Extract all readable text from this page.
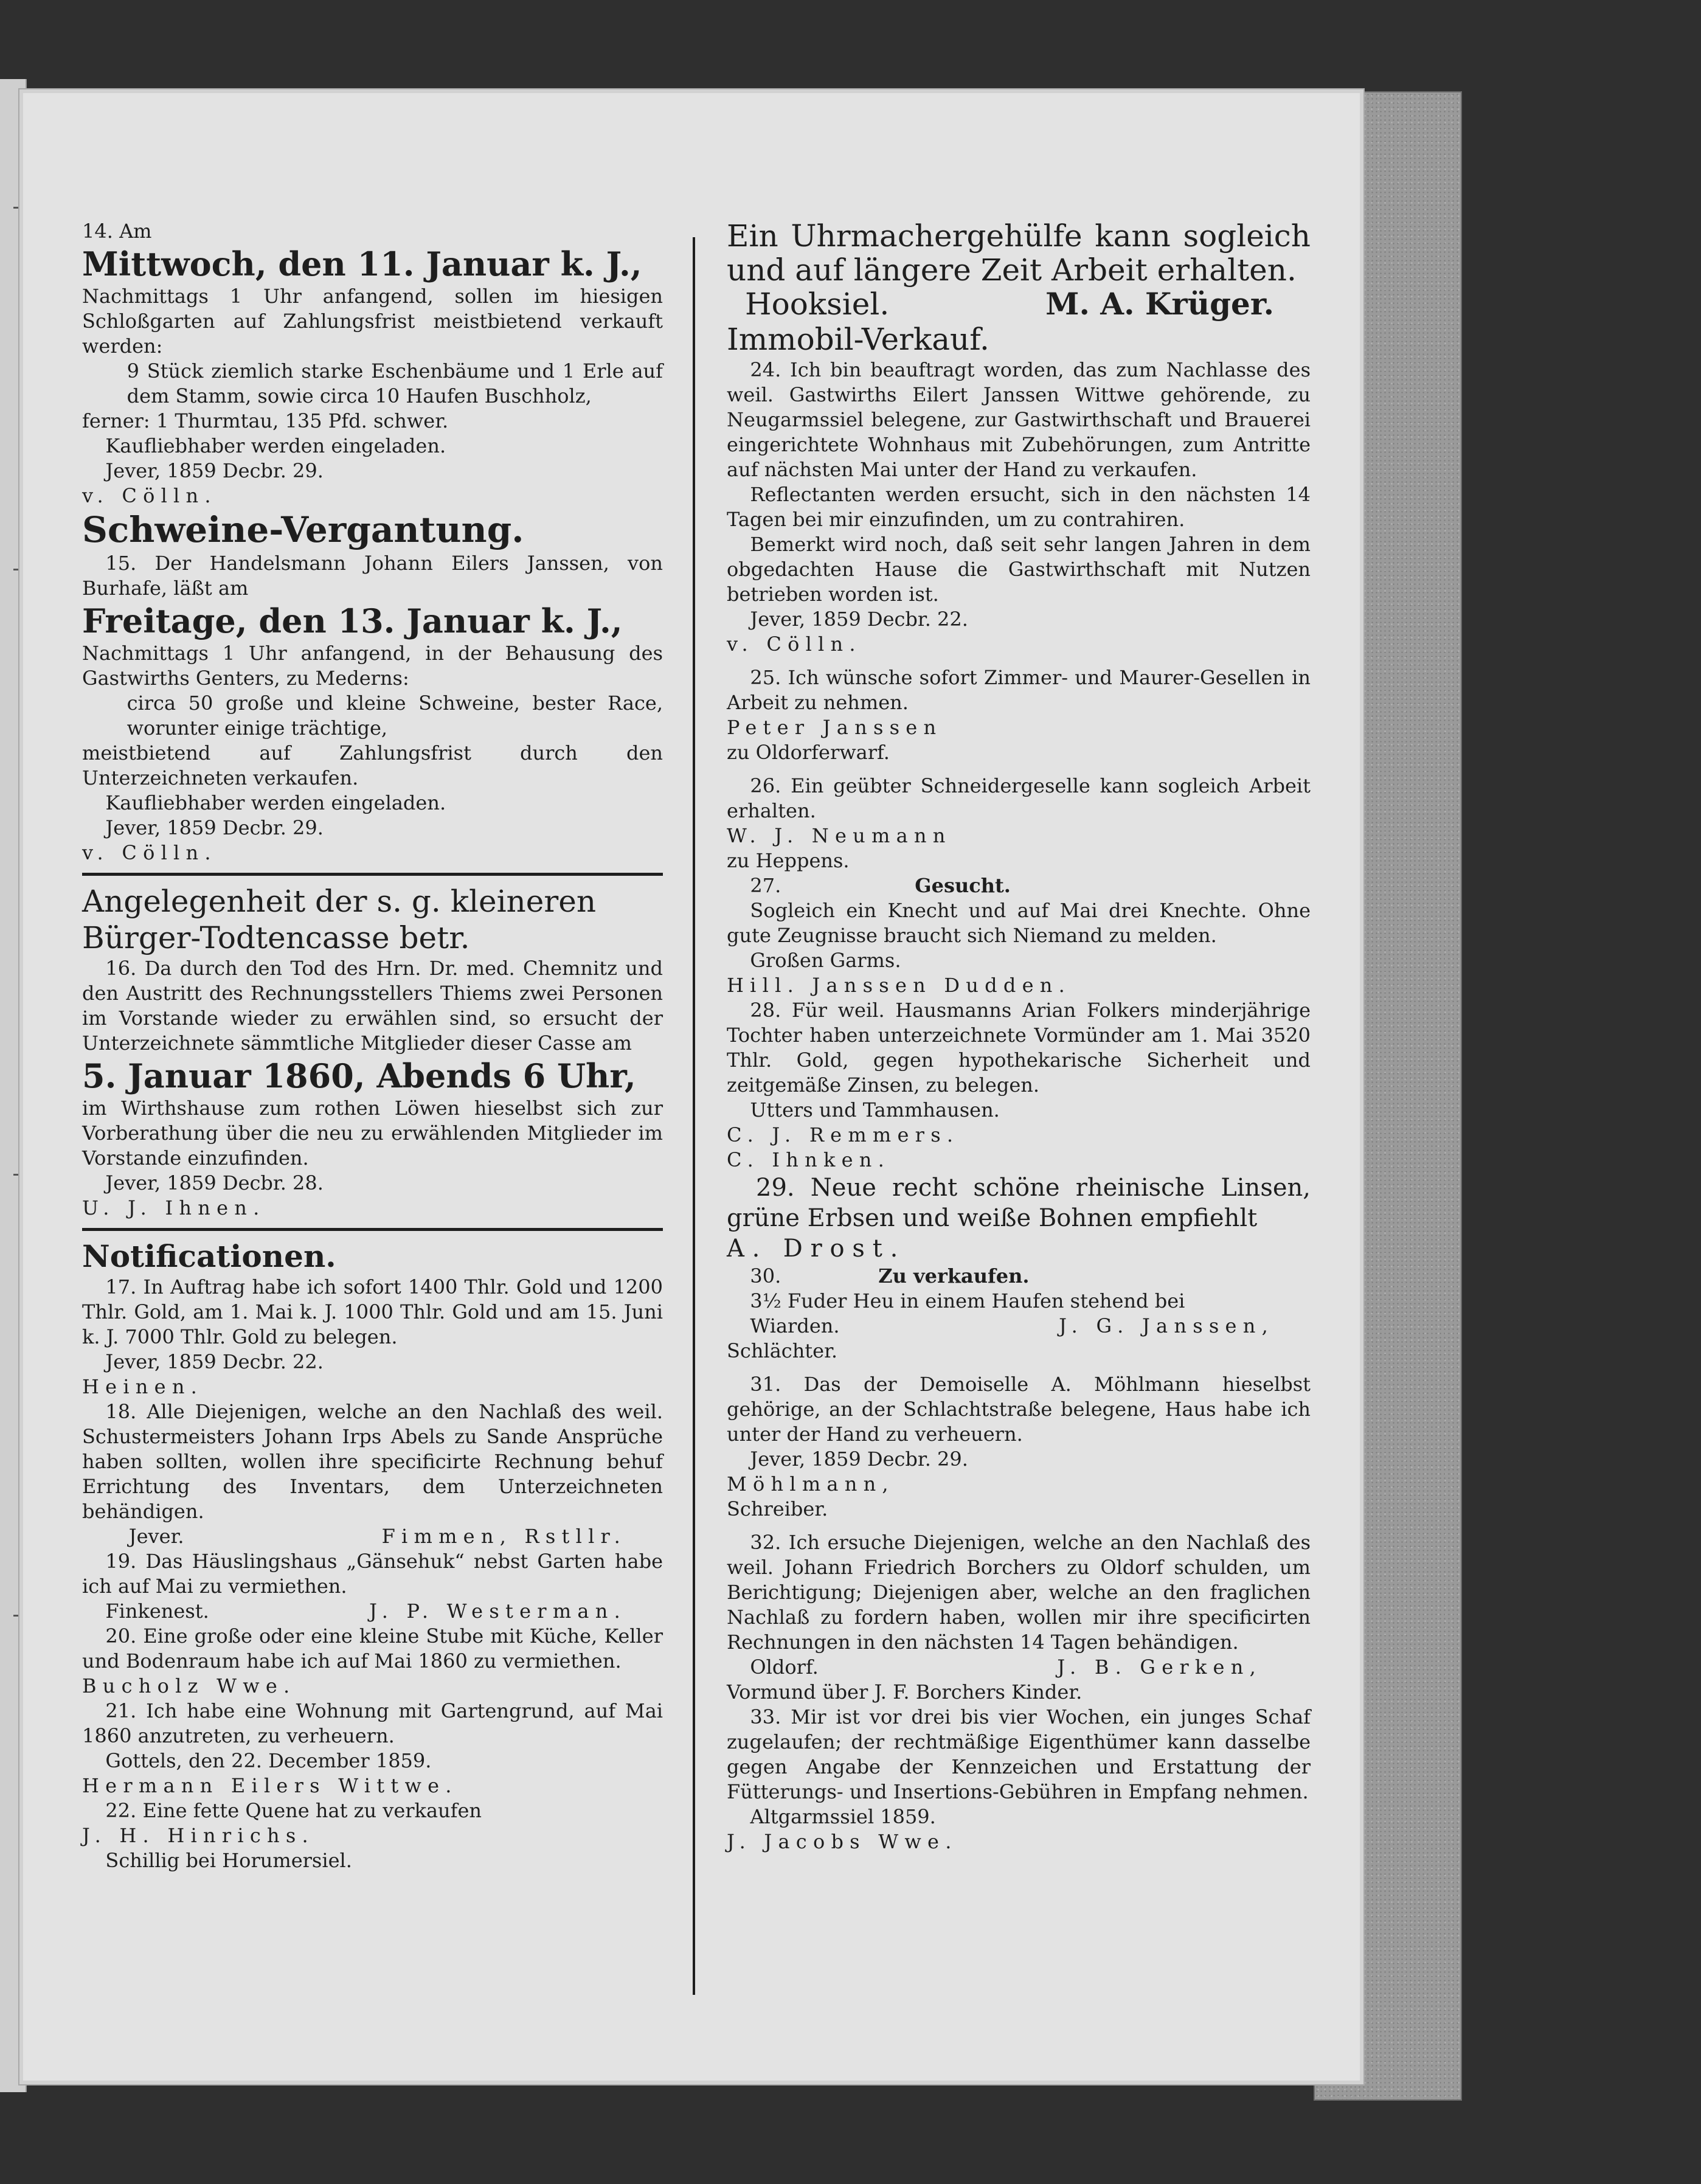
14. Am

Mittwoch, den 11. Januar k. J.,

Nachmittags 1 Uhr anfangend, sollen im hiesigen Schloßgarten auf Zahlungsfrist meistbietend verkauft werden:

9 Stück ziemlich starke Eschenbäume und 1 Erle auf dem Stamm, sowie circa 10 Haufen Buschholz,

ferner: 1 Thurmtau, 135 Pfd. schwer.

Kaufliebhaber werden eingeladen.

Jever, 1859 Decbr. 29.

v. Cölln.

Schweine-Vergantung.

15. Der Handelsmann Johann Eilers Janssen, von Burhafe, läßt am

Freitage, den 13. Januar k. J.,

Nachmittags 1 Uhr anfangend, in der Behausung des Gastwirths Genters, zu Mederns:

circa 50 große und kleine Schweine, bester Race, worunter einige trächtige,

meistbietend auf Zahlungsfrist durch den Unterzeichneten verkaufen.

Kaufliebhaber werden eingeladen.

Jever, 1859 Decbr. 29.

v. Cölln.

Angelegenheit der s. g. kleineren

Bürger-Todtencasse betr.

16. Da durch den Tod des Hrn. Dr. med. Chemnitz und den Austritt des Rechnungsstellers Thiems zwei Personen im Vorstande wieder zu erwählen sind, so ersucht der Unterzeichnete sämmtliche Mitglieder dieser Casse am

5. Januar 1860, Abends 6 Uhr,

im Wirthshause zum rothen Löwen hieselbst sich zur Vorberathung über die neu zu erwählenden Mitglieder im Vorstande einzufinden.

Jever, 1859 Decbr. 28.

U. J. Ihnen.

Notificationen.

17. In Auftrag habe ich sofort 1400 Thlr. Gold und 1200 Thlr. Gold, am 1. Mai k. J. 1000 Thlr. Gold und am 15. Juni k. J. 7000 Thlr. Gold zu belegen.

Jever, 1859 Decbr. 22.

Heinen.

18. Alle Diejenigen, welche an den Nachlaß des weil. Schustermeisters Johann Irps Abels zu Sande Ansprüche haben sollten, wollen ihre specificirte Rechnung behuf Errichtung des Inventars, dem Unterzeichneten behändigen.

Jever.	Fimmen, Rstllr.

19. Das Häuslingshaus „Gänsehuk“ nebst Garten habe ich auf Mai zu vermiethen.

Finkenest.	J. P. Westerman.

20. Eine große oder eine kleine Stube mit Küche, Keller und Bodenraum habe ich auf Mai 1860 zu vermiethen.

Bucholz Wwe.

21. Ich habe eine Wohnung mit Gartengrund, auf Mai 1860 anzutreten, zu verheuern.

Gottels, den 22. December 1859.

Hermann Eilers Wittwe.

22. Eine fette Quene hat zu verkaufen

J. H. Hinrichs.

Schillig bei Horumersiel.

Ein Uhrmachergehülfe kann sogleich und auf längere Zeit Arbeit erhalten.

Hooksiel.	M. A. Krüger.

Immobil-Verkauf.

24. Ich bin beauftragt worden, das zum Nachlasse des weil. Gastwirths Eilert Janssen Wittwe gehörende, zu Neugarmssiel belegene, zur Gastwirthschaft und Brauerei eingerichtete Wohnhaus mit Zubehörungen, zum Antritte auf nächsten Mai unter der Hand zu verkaufen.

Reflectanten werden ersucht, sich in den nächsten 14 Tagen bei mir einzufinden, um zu contrahiren.

Bemerkt wird noch, daß seit sehr langen Jahren in dem obgedachten Hause die Gastwirthschaft mit Nutzen betrieben worden ist.

Jever, 1859 Decbr. 22.

v. Cölln.

25. Ich wünsche sofort Zimmer- und Maurer-Gesellen in Arbeit zu nehmen.

Peter Janssen

zu Oldorferwarf.

26. Ein geübter Schneidergeselle kann sogleich Arbeit erhalten.

W. J. Neumann

zu Heppens.

27.	Gesucht.

Sogleich ein Knecht und auf Mai drei Knechte. Ohne gute Zeugnisse braucht sich Niemand zu melden.

Großen Garms.

Hill. Janssen Dudden.

28. Für weil. Hausmanns Arian Folkers minderjährige Tochter haben unterzeichnete Vormünder am 1. Mai 3520 Thlr. Gold, gegen hypothekarische Sicherheit und zeitgemäße Zinsen, zu belegen.

Utters und Tammhausen.

C. J. Remmers.

C. Ihnken.

29. Neue recht schöne rheinische Linsen, grüne Erbsen und weiße Bohnen empfiehlt

A. Drost.

30.	Zu verkaufen.

3½ Fuder Heu in einem Haufen stehend bei

Wiarden.	J. G. Janssen,

Schlächter.

31. Das der Demoiselle A. Möhlmann hieselbst gehörige, an der Schlachtstraße belegene, Haus habe ich unter der Hand zu verheuern.

Jever, 1859 Decbr. 29.

Möhlmann,

Schreiber.

32. Ich ersuche Diejenigen, welche an den Nachlaß des weil. Johann Friedrich Borchers zu Oldorf schulden, um Berichtigung; Diejenigen aber, welche an den fraglichen Nachlaß zu fordern haben, wollen mir ihre specificirten Rechnungen in den nächsten 14 Tagen behändigen.

Oldorf.	J. B. Gerken,

Vormund über J. F. Borchers Kinder.

33. Mir ist vor drei bis vier Wochen, ein junges Schaf zugelaufen; der rechtmäßige Eigenthümer kann dasselbe gegen Angabe der Kennzeichen und Erstattung der Fütterungs- und Insertions-Gebühren in Empfang nehmen.

Altgarmssiel 1859.

J. Jacobs Wwe.
